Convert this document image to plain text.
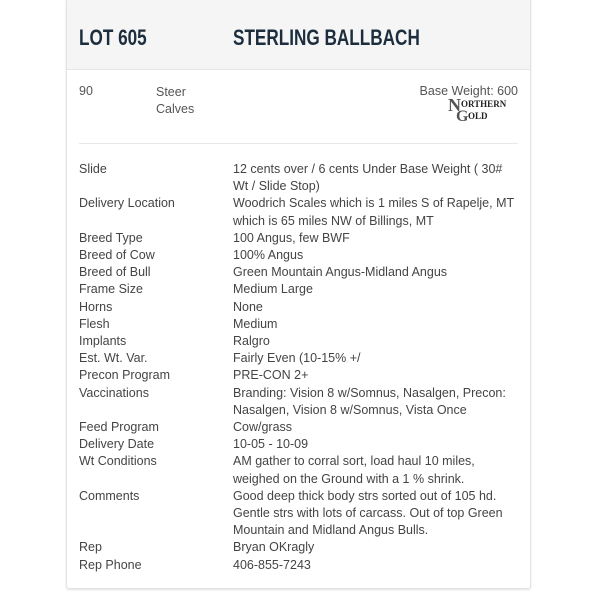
LOT 605	STERLING BALLBACH
90	Steer Calves
Base Weight: 600
N ORTHERN
G OLD
Slide	12 cents over / 6 cents Under Base Weight ( 30# Wt / Slide Stop)
Delivery Location	Woodrich Scales which is 1 miles S of Rapelje, MT which is 65 miles NW of Billings, MT
Breed Type	100 Angus, few BWF
Breed of Cow	100% Angus
Breed of Bull	Green Mountain Angus-Midland Angus
Frame Size	Medium Large
Horns	None
Flesh	Medium
Implants	Ralgro
Est. Wt. Var.	Fairly Even (10-15% +/
Precon Program	PRE-CON 2+
Vaccinations	Branding: Vision 8 w/Somnus, Nasalgen, Precon: Nasalgen, Vision 8 w/Somnus, Vista Once
Feed Program	Cow/grass
Delivery Date	10-05 - 10-09
Wt Conditions	AM gather to corral sort, load haul 10 miles, weighed on the Ground with a 1 % shrink.
Comments	Good deep thick body strs sorted out of 105 hd. Gentle strs with lots of carcass. Out of top Green Mountain and Midland Angus Bulls.
Rep	Bryan OKragly
Rep Phone	406-855-7243
